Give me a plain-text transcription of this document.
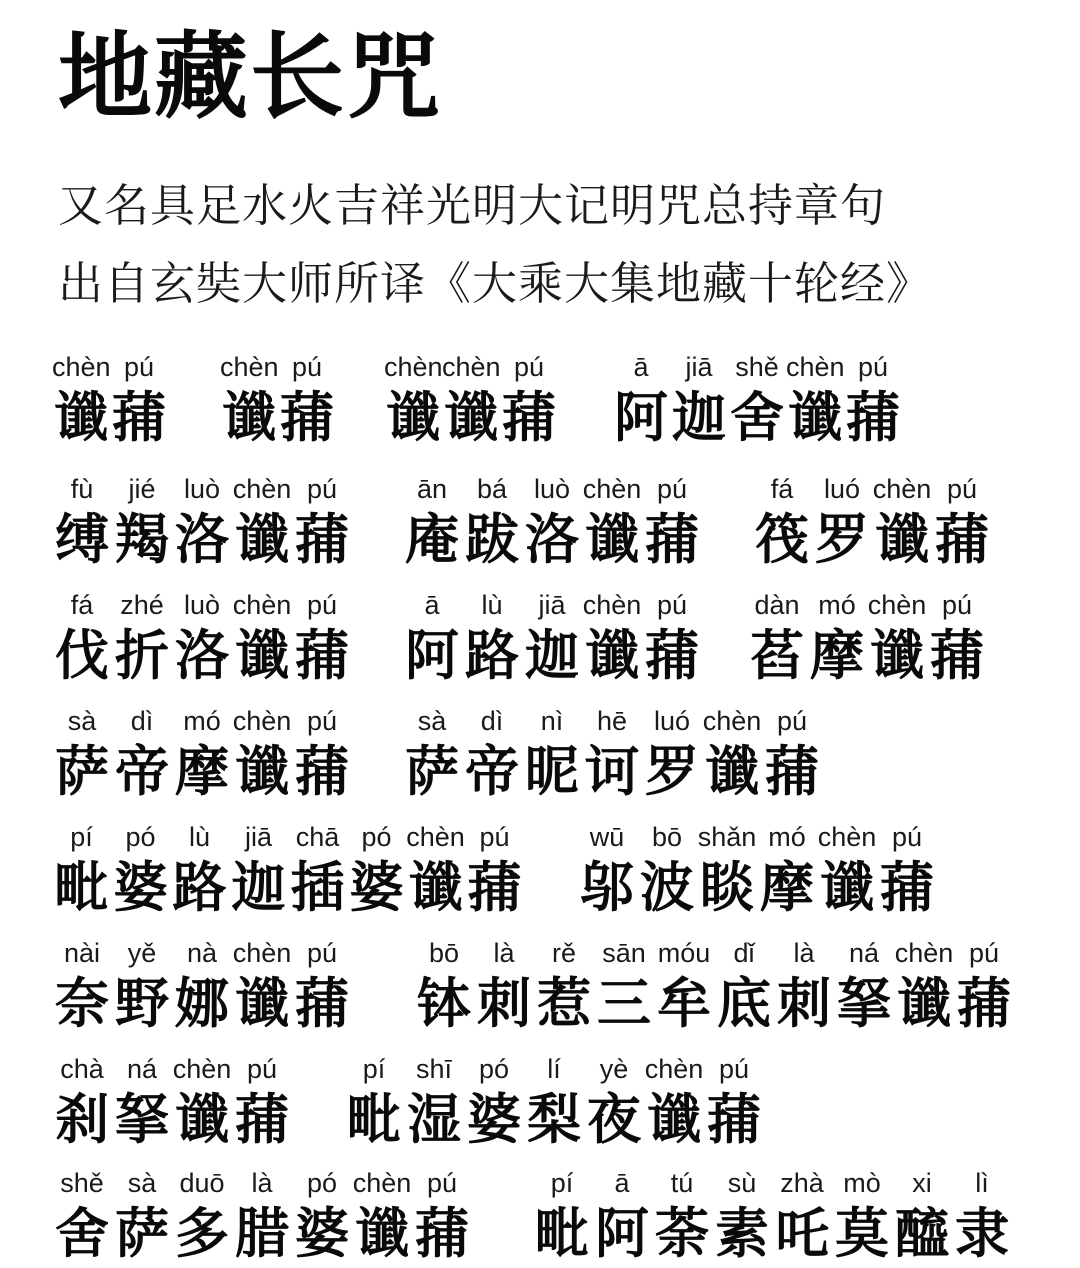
地藏长咒

又名具足水火吉祥光明大记明咒总持章句

出自玄奘大师所译《大乘大集地藏十轮经》

chèn
谶
pú
蒱
chèn
谶
pú
蒱
chèn
谶
chèn
谶
pú
蒱
ā
阿
jiā
迦
shě
舍
chèn
谶
pú
蒱
fù
缚
jié
羯
luò
洛
chèn
谶
pú
蒱
ān
庵
bá
跋
luò
洛
chèn
谶
pú
蒱
fá
筏
luó
罗
chèn
谶
pú
蒱
fá
伐
zhé
折
luò
洛
chèn
谶
pú
蒱
ā
阿
lù
路
jiā
迦
chèn
谶
pú
蒱
dàn
萏
mó
摩
chèn
谶
pú
蒱
sà
萨
dì
帝
mó
摩
chèn
谶
pú
蒱
sà
萨
dì
帝
nì
昵
hē
诃
luó
罗
chèn
谶
pú
蒱
pí
毗
pó
婆
lù
路
jiā
迦
chā
插
pó
婆
chèn
谶
pú
蒱
wū
邬
bō
波
shǎn
睒
mó
摩
chèn
谶
pú
蒱
nài
奈
yě
野
nà
娜
chèn
谶
pú
蒱
bō
钵
là
刺
rě
惹
sān
三
móu
牟
dǐ
底
là
刺
ná
拏
chèn
谶
pú
蒱
chà
刹
ná
拏
chèn
谶
pú
蒱
pí
毗
shī
湿
pó
婆
lí
梨
yè
夜
chèn
谶
pú
蒱
shě
舍
sà
萨
duō
多
là
腊
pó
婆
chèn
谶
pú
蒱
pí
毗
ā
阿
tú
荼
sù
素
zhà
吒
mò
莫
xi
醯
lì
隶
